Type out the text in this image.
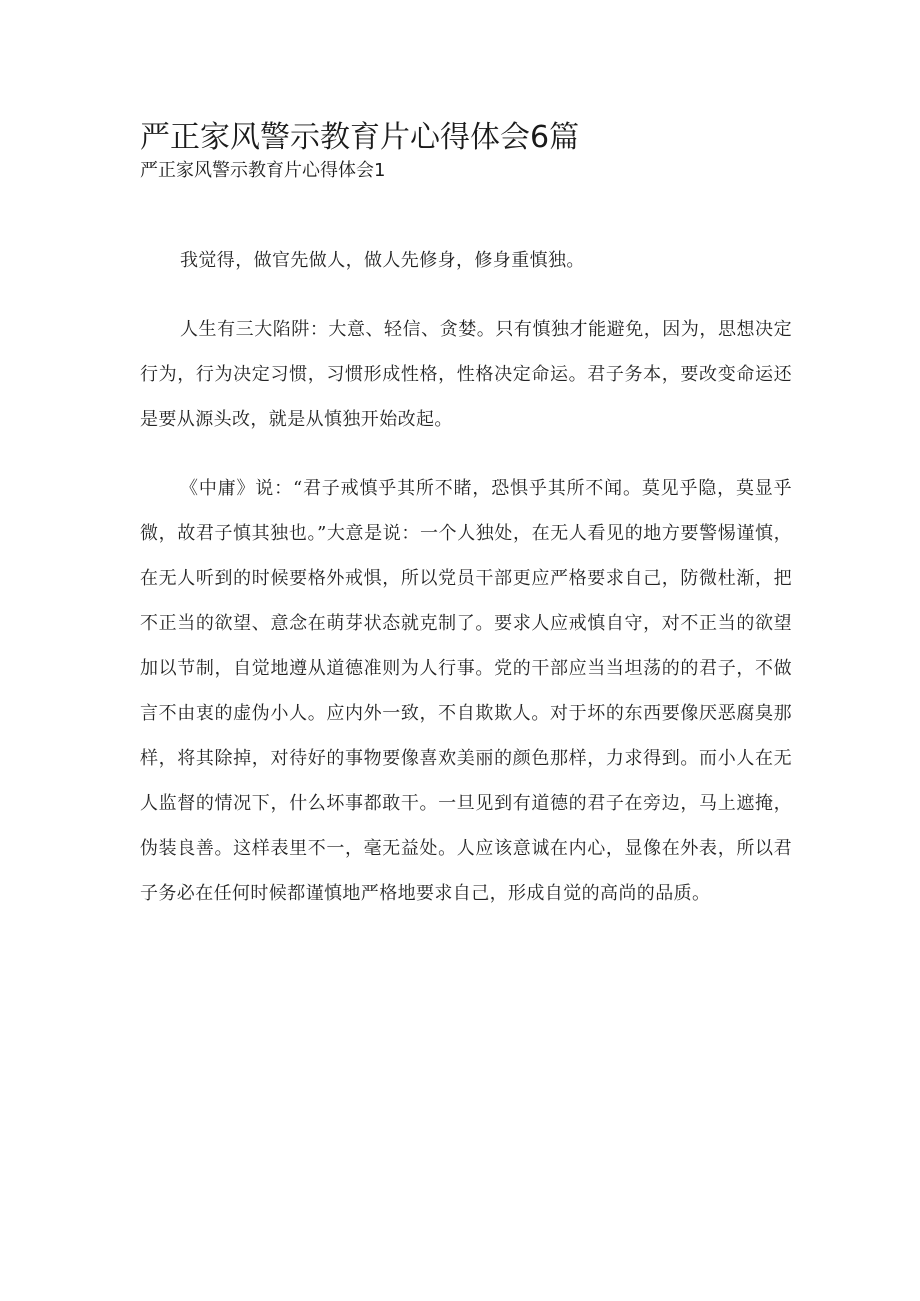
严正家风警示教育片心得体会6篇
严正家风警示教育片心得体会1

我觉得，做官先做人，做人先修身，修身重慎独。

人生有三大陷阱：大意、轻信、贪婪。只有慎独才能避免，因为，思想决定行为，行为决定习惯，习惯形成性格，性格决定命运。君子务本，要改变命运还是要从源头改，就是从慎独开始改起。

《中庸》说：“君子戒慎乎其所不睹，恐惧乎其所不闻。莫见乎隐，莫显乎微，故君子慎其独也。”大意是说：一个人独处，在无人看见的地方要警惕谨慎，在无人听到的时候要格外戒惧，所以党员干部更应严格要求自己，防微杜渐，把不正当的欲望、意念在萌芽状态就克制了。要求人应戒慎自守，对不正当的欲望加以节制，自觉地遵从道德准则为人行事。党的干部应当当坦荡的的君子，不做言不由衷的虚伪小人。应内外一致，不自欺欺人。对于坏的东西要像厌恶腐臭那样，将其除掉，对待好的事物要像喜欢美丽的颜色那样，力求得到。而小人在无人监督的情况下，什么坏事都敢干。一旦见到有道德的君子在旁边，马上遮掩，伪装良善。这样表里不一，毫无益处。人应该意诚在内心，显像在外表，所以君子务必在任何时候都谨慎地严格地要求自己，形成自觉的高尚的品质。
